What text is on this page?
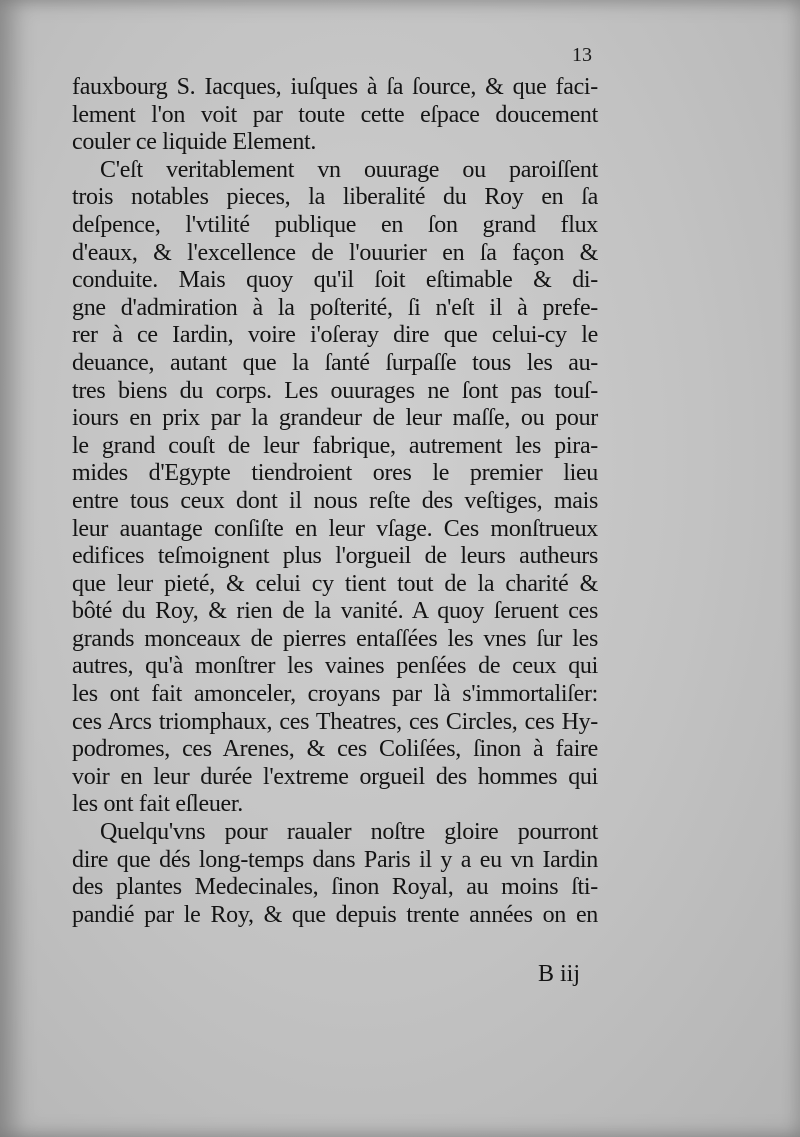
13
fauxbourg S. Iacques, iuſques à ſa ſource, & que faci-
lement l'on voit par toute cette eſpace doucement
couler ce liquide Element.
C'eſt veritablement vn ouurage ou paroiſſent
trois notables pieces, la liberalité du Roy en ſa
deſpence, l'vtilité publique en ſon grand flux
d'eaux, & l'excellence de l'ouurier en ſa façon &
conduite. Mais quoy qu'il ſoit eſtimable & di-
gne d'admiration à la poſterité, ſi n'eſt il à prefe-
rer à ce Iardin, voire i'oſeray dire que celui-cy le
deuance, autant que la ſanté ſurpaſſe tous les au-
tres biens du corps. Les ouurages ne ſont pas touſ-
iours en prix par la grandeur de leur maſſe, ou pour
le grand couſt de leur fabrique, autrement les pira-
mides d'Egypte tiendroient ores le premier lieu
entre tous ceux dont il nous reſte des veſtiges, mais
leur auantage conſiſte en leur vſage. Ces monſtrueux
edifices teſmoignent plus l'orgueil de leurs autheurs
que leur pieté, & celui cy tient tout de la charité &
bôté du Roy, & rien de la vanité. A quoy ſeruent ces
grands monceaux de pierres entaſſées les vnes ſur les
autres, qu'à monſtrer les vaines penſées de ceux qui
les ont fait amonceler, croyans par là s'immortaliſer:
ces Arcs triomphaux, ces Theatres, ces Circles, ces Hy-
podromes, ces Arenes, & ces Coliſées, ſinon à faire
voir en leur durée l'extreme orgueil des hommes qui
les ont fait eſleuer.
Quelqu'vns pour raualer noſtre gloire pourront
dire que dés long-temps dans Paris il y a eu vn Iardin
des plantes Medecinales, ſinon Royal, au moins ſti-
pandié par le Roy, & que depuis trente années on en
B iij
